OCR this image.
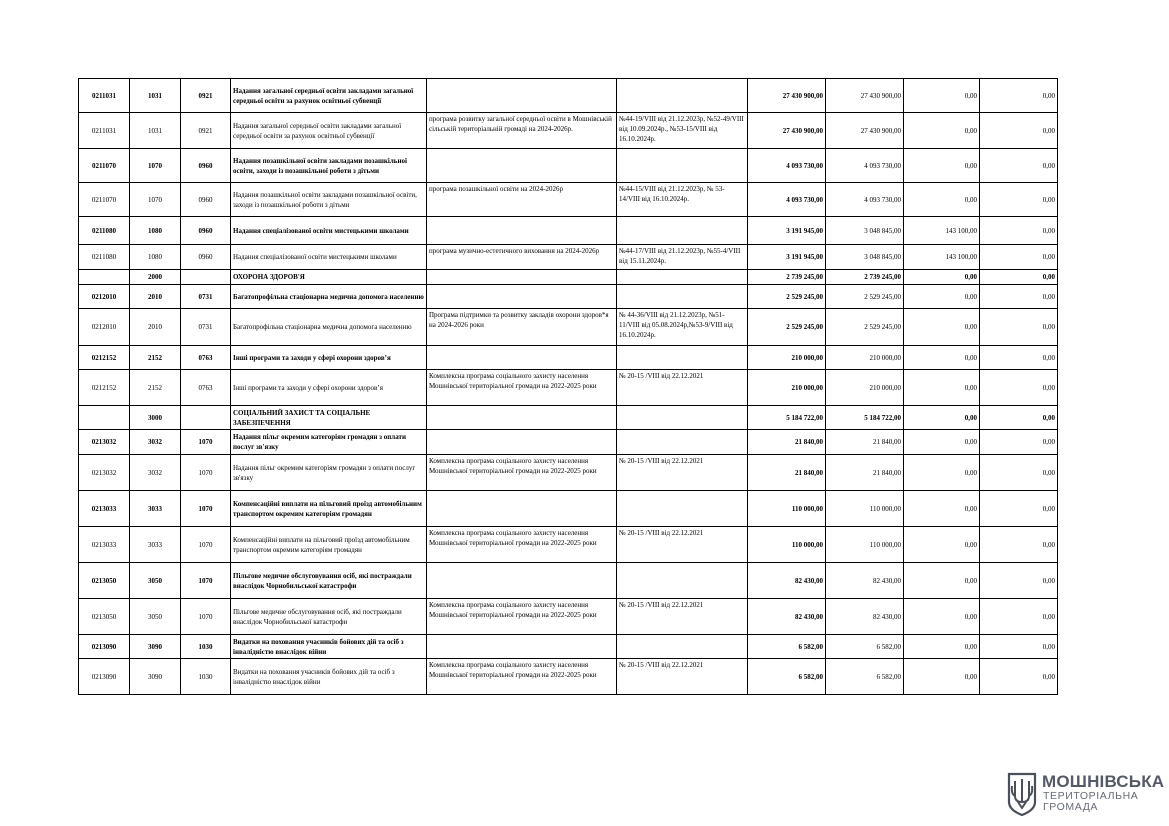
0211031	1031	0921	Надання загальної середньої освіти закладами загальної середньої освіти за рахунок освітньої субвенції			27 430 900,00	27 430 900,00	0,00	0,00
0211031	1031	0921	Надання загальної середньої освіти закладами загальної середньої освіти за рахунок освітньої субвенції	програма розвитку загальної середньої освіти в Мошнівській сільській територіальній громаді на 2024-2026р.	№44-19/VIII від 21.12.2023р, №52-49/VIII від 10.09.2024р., №53-15/VIII від 16.10.2024р.	27 430 900,00	27 430 900,00	0,00	0,00
0211070	1070	0960	Надання позашкільної освіти закладами позашкільної освіти, заходи із позашкільної роботи з дітьми			4 093 730,00	4 093 730,00	0,00	0,00
0211070	1070	0960	Надання позашкільної освіти закладами позашкільної освіти, заходи із позашкільної роботи з дітьми	програма позашкільної освіти на 2024-2026р	№44-15/VIII від 21.12.2023р, № 53-14/VIII від 16.10.2024р.	4 093 730,00	4 093 730,00	0,00	0,00
0211080	1080	0960	Надання спеціалізованої освіти мистецькими школами			3 191 945,00	3 048 845,00	143 100,00	0,00
0211080	1080	0960	Надання спеціалізованої освіти мистецькими школами	програма музично-естетичного виховання на 2024-2026р	№44-17/VIII від 21.12.2023р, №55-4/VIII від 15.11.2024р.	3 191 945,00	3 048 845,00	143 100,00	0,00
	2000		ОХОРОНА ЗДОРОВ'Я			2 739 245,00	2 739 245,00	0,00	0,00
0212010	2010	0731	Багатопрофільна стаціонарна медична допомога населенню			2 529 245,00	2 529 245,00	0,00	0,00
0212010	2010	0731	Багатопрофільна стаціонарна медична допомога населенню	Програма підтримки та розвитку закладів охорони здоров*я на 2024-2026 роки	№ 44-36/VIII від 21.12.2023р, №51-11/VIII від 05.08.2024р,№53-9/VIII від 16.10.2024р.	2 529 245,00	2 529 245,00	0,00	0,00
0212152	2152	0763	Інші програми та заходи у сфері охорони здоров’я			210 000,00	210 000,00	0,00	0,00
0212152	2152	0763	Інші програми та заходи у сфері охорони здоров’я	Комплексна програма соціального захисту населення Мошнівської територіальної громади на 2022-2025 роки	№ 20-15 /VIII від 22.12.2021	210 000,00	210 000,00	0,00	0,00
	3000		СОЦІАЛЬНИЙ ЗАХИСТ ТА СОЦІАЛЬНЕ ЗАБЕЗПЕЧЕННЯ			5 184 722,00	5 184 722,00	0,00	0,00
0213032	3032	1070	Надання пільг окремим категоріям громадян з оплати послуг зв'язку			21 840,00	21 840,00	0,00	0,00
0213032	3032	1070	Надання пільг окремим категоріям громадян з оплати послуг зв'язку	Комплексна програма соціального захисту населення Мошнівської територіальної громади на 2022-2025 роки	№ 20-15 /VIII від 22.12.2021	21 840,00	21 840,00	0,00	0,00
0213033	3033	1070	Компенсаційні виплати на пільговий проїзд автомобільним транспортом окремим категоріям громадян			110 000,00	110 000,00	0,00	0,00
0213033	3033	1070	Компенсаційні виплати на пільговий проїзд автомобільним транспортом окремим категоріям громадян	Комплексна програма соціального захисту населення Мошнівської територіальної громади на 2022-2025 роки	№ 20-15 /VIII від 22.12.2021	110 000,00	110 000,00	0,00	0,00
0213050	3050	1070	Пільгове медичне обслуговування осіб, які постраждали внаслідок Чорнобильської катастрофи			82 430,00	82 430,00	0,00	0,00
0213050	3050	1070	Пільгове медичне обслуговування осіб, які постраждали внаслідок Чорнобильської катастрофи	Комплексна програма соціального захисту населення Мошнівської територіальної громади на 2022-2025 роки	№ 20-15 /VIII від 22.12.2021	82 430,00	82 430,00	0,00	0,00
0213090	3090	1030	Видатки на поховання учасників бойових дій та осіб з інвалідністю внаслідок війни			6 582,00	6 582,00	0,00	0,00
0213090	3090	1030	Видатки на поховання учасників бойових дій та осіб з інвалідністю внаслідок війни	Комплексна програма соціального захисту населення Мошнівської територіальної громади на 2022-2025 роки	№ 20-15 /VIII від 22.12.2021	6 582,00	6 582,00	0,00	0,00
МОШНІВСЬКА
ТЕРИТОРІАЛЬНА
ГРОМАДА
